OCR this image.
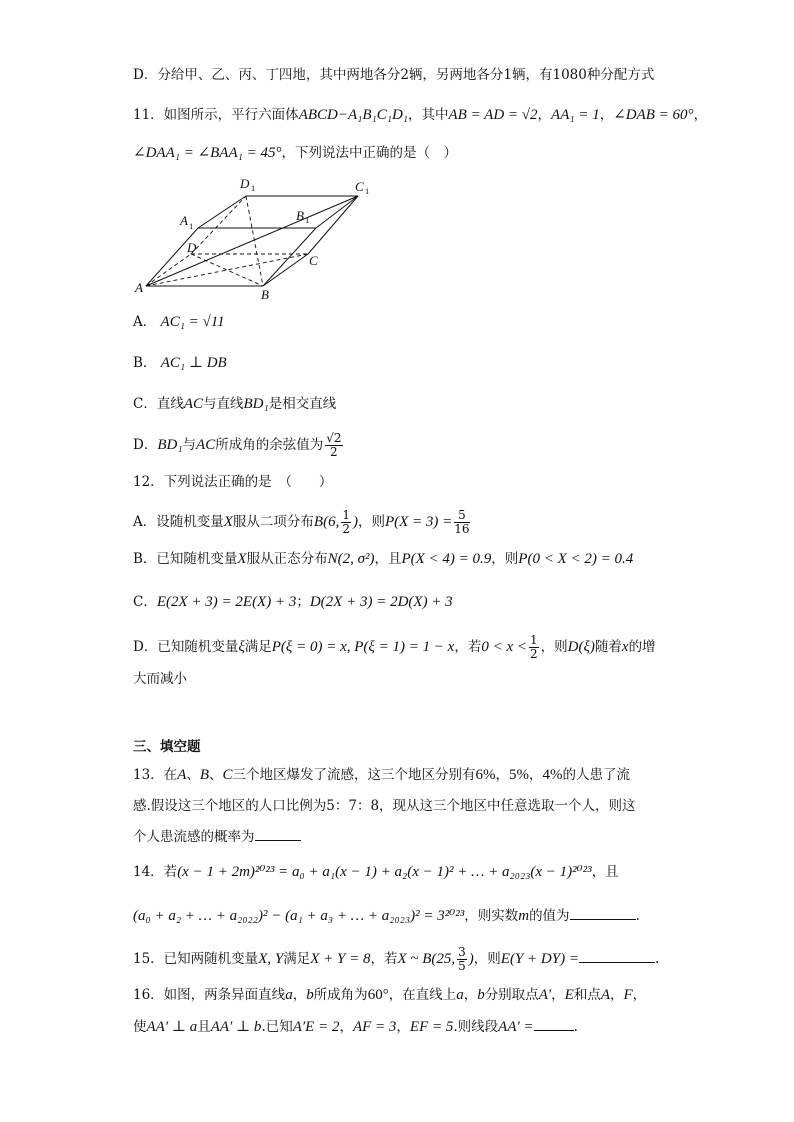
D．分给甲、乙、丙、丁四地，其中两地各分2辆，另两地各分1辆，有1080种分配方式
11．如图所示，平行六面体ABCD−A₁B₁C₁D₁，其中AB = AD = √2，AA₁ = 1，∠DAB = 60°，
∠DAA₁ = ∠BAA₁ = 45°，下列说法中正确的是（　）
D 1	C 1
A 1
B 1
D
C
A	B
A． AC₁ = √11
B． AC₁ ⊥ DB
C．直线AC与直线BD₁是相交直线
D．BD₁与AC所成角的余弦值为 $\frac{√2}{2}$
12．下列说法正确的是　（　　）
A．设随机变量X服从二项分布B(6, $\frac{1}{2}$ )，则$P(X = 3) = \frac{5}{16}$
B．已知随机变量X服从正态分布N(2, σ²)，且P(X < 4) = 0.9，则P(0 < X < 2) = 0.4
C．E(2X + 3) = 2E(X) + 3；D(2X + 3) = 2D(X) + 3
D．已知随机变量ξ满足P(ξ = 0) = x, P(ξ = 1) = 1 − x，若$0 < x < \frac{1}{2}$ ，则D(ξ)随着x的增
大而减小
三、填空题
13．在A、B、C三个地区爆发了流感，这三个地区分别有6%，5%，4%的人患了流
感.假设这三个地区的人口比例为5：7：8，现从这三个地区中任意选取一个人，则这
个人患流感的概率为
14．若(x − 1 + 2m)²⁰²³ = a₀ + a₁(x − 1) + a₂(x − 1)² + … + a₂₀₂₃(x − 1)²⁰²³，且
(a₀ + a₂ + … + a₂₀₂₂)² − (a₁ + a₃ + … + a₂₀₂₃)² = 3²⁰²³，则实数m的值为	.
15．已知两随机变量X, Y满足X + Y = 8，若X ~ B(25, $\frac{3}{5}$ )，则E(Y + DY) =	.
16．如图，两条异面直线a，b所成角为60°，在直线上a，b分别取点A′，E和点A，F，
使AA′ ⊥ a且AA′ ⊥ b.已知A′E = 2，AF = 3，EF = 5.则线段AA′ =	.
